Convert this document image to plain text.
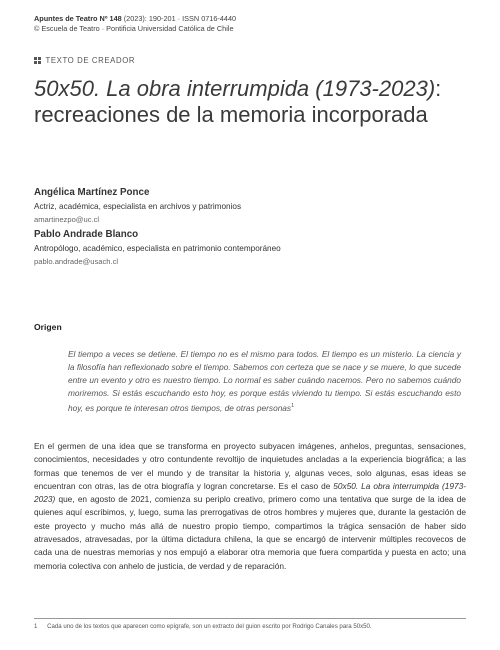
Apuntes de Teatro Nº 148 (2023): 190-201 · ISSN 0716-4440
© Escuela de Teatro · Pontificia Universidad Católica de Chile
TEXTO DE CREADOR
50x50. La obra interrumpida (1973-2023): recreaciones de la memoria incorporada
Angélica Martínez Ponce
Actriz, académica, especialista en archivos y patrimonios
amartinezpo@uc.cl
Pablo Andrade Blanco
Antropólogo, académico, especialista en patrimonio contemporáneo
pablo.andrade@usach.cl
Origen
El tiempo a veces se detiene. El tiempo no es el mismo para todos. El tiempo es un misterio. La ciencia y la filosofía han reflexionado sobre el tiempo. Sabemos con certeza que se nace y se muere, lo que sucede entre un evento y otro es nuestro tiempo. Lo normal es saber cuándo nacemos. Pero no sabemos cuándo moriremos. Si estás escuchando esto hoy, es porque estás viviendo tu tiempo. Si estás escuchando esto hoy, es porque te interesan otros tiempos, de otras personas$^1$
En el germen de una idea que se transforma en proyecto subyacen imágenes, anhelos, preguntas, sensaciones, conocimientos, necesidades y otro contundente revoltijo de inquietudes ancladas a la experiencia biográfica; a las formas que tenemos de ver el mundo y de transitar la historia y, algunas veces, solo algunas, esas ideas se encuentran con otras, las de otra biografía y logran concretarse. Es el caso de 50x50. La obra interrumpida (1973-2023) que, en agosto de 2021, comienza su periplo creativo, primero como una tentativa que surge de la idea de quienes aquí escribimos, y, luego, suma las prerrogativas de otros hombres y mujeres que, durante la gestación de este proyecto y mucho más allá de nuestro propio tiempo, compartimos la trágica sensación de haber sido atravesados, atravesadas, por la última dictadura chilena, la que se encargó de intervenir múltiples recovecos de cada una de nuestras memorias y nos empujó a elaborar otra memoria que fuera compartida y puesta en acto; una memoria colectiva con anhelo de justicia, de verdad y de reparación.
1 Cada uno de los textos que aparecen como epígrafe, son un extracto del guion escrito por Rodrigo Canales para 50x50.
